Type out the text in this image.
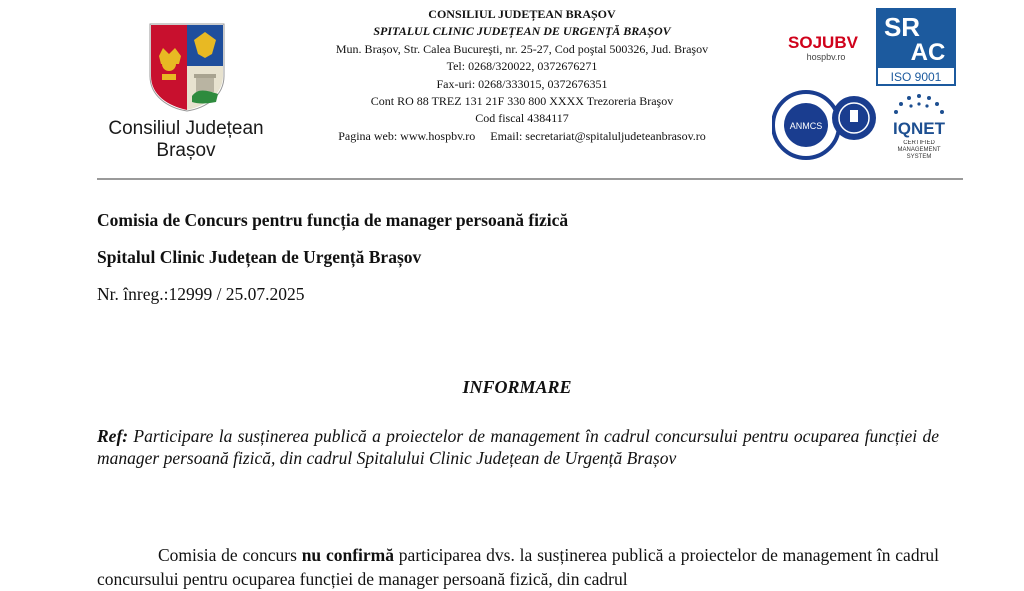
Consiliul Județean
Brașov
CONSILIUL JUDEȚEAN BRAȘOV
SPITALUL CLINIC JUDEȚEAN DE URGENȚĂ BRAȘOV
Mun. Brașov, Str. Calea Bucureşti, nr. 25-27, Cod poştal 500326, Jud. Braşov
Tel: 0268/320022, 0372676271
Fax-uri: 0268/333015, 0372676351
Cont RO 88 TREZ 131 21F 330 800 XXXX Trezoreria Braşov
Cod fiscal 4384117
Pagina web: www.hospbv.ro     Email: secretariat@spitaluljudeteanbrasov.ro
SOJUBV
hospbv.ro
SR
AC
ISO 9001
ANMCS	IQNET
CERTIFIED MANAGEMENT SYSTEM
Comisia de Concurs pentru funcția de manager persoană fizică
Spitalul Clinic Județean de Urgență Brașov
Nr. înreg.:12999 / 25.07.2025
INFORMARE
Ref: Participare la susținerea publică a proiectelor de management în cadrul concursului pentru ocuparea funcției de manager persoană fizică, din cadrul Spitalului Clinic Județean de Urgență Brașov
Comisia de concurs nu confirmă participarea dvs. la susținerea publică a proiectelor de management în cadrul concursului pentru ocuparea funcției de manager persoană fizică, din cadrul
